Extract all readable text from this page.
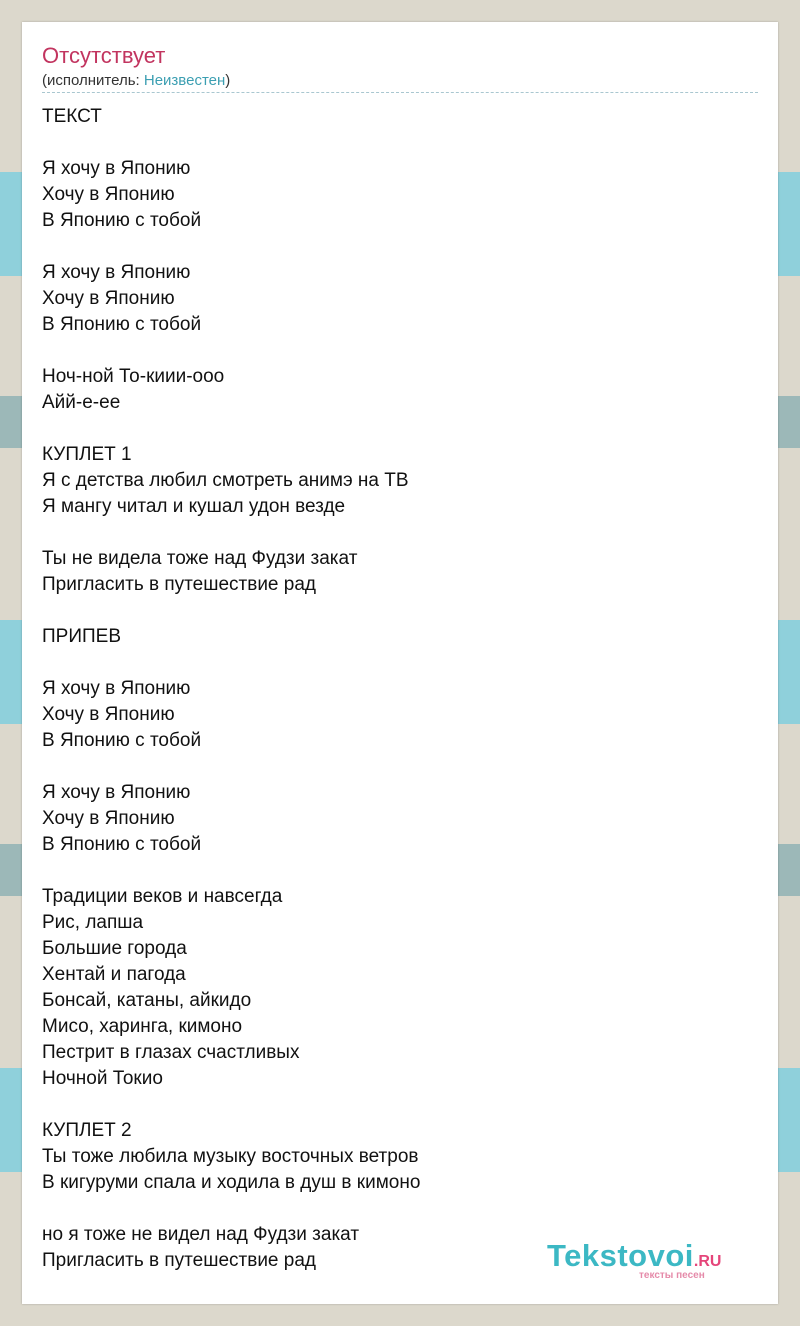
Отсутствует
(исполнитель: Неизвестен)
ТЕКСТ
Я хочу в Японию
Хочу в Японию
В Японию с тобой
Я хочу в Японию
Хочу в Японию
В Японию с тобой
Ноч-ной То-киии-ооо
Айй-е-ее
КУПЛЕТ 1
Я с детства любил смотреть анимэ на ТВ
Я мангу читал и кушал удон везде
Ты не видела тоже над Фудзи закат
Пригласить в путешествие рад
ПРИПЕВ
Я хочу в Японию
Хочу в Японию
В Японию с тобой
Я хочу в Японию
Хочу в Японию
В Японию с тобой
Традиции веков и навсегда
Рис, лапша
Большие города
Хентай и пагода
Бонсай, катаны, айкидо
Мисо, харинга, кимоно
Пестрит в глазах счастливых
Ночной Токио
КУПЛЕТ 2
Ты тоже любила музыку восточных ветров
В кигуруми спала и ходила в душ в кимоно
но я тоже не видел над Фудзи закат
Пригласить в путешествие рад	Tekstovoi.RU
тексты песен
